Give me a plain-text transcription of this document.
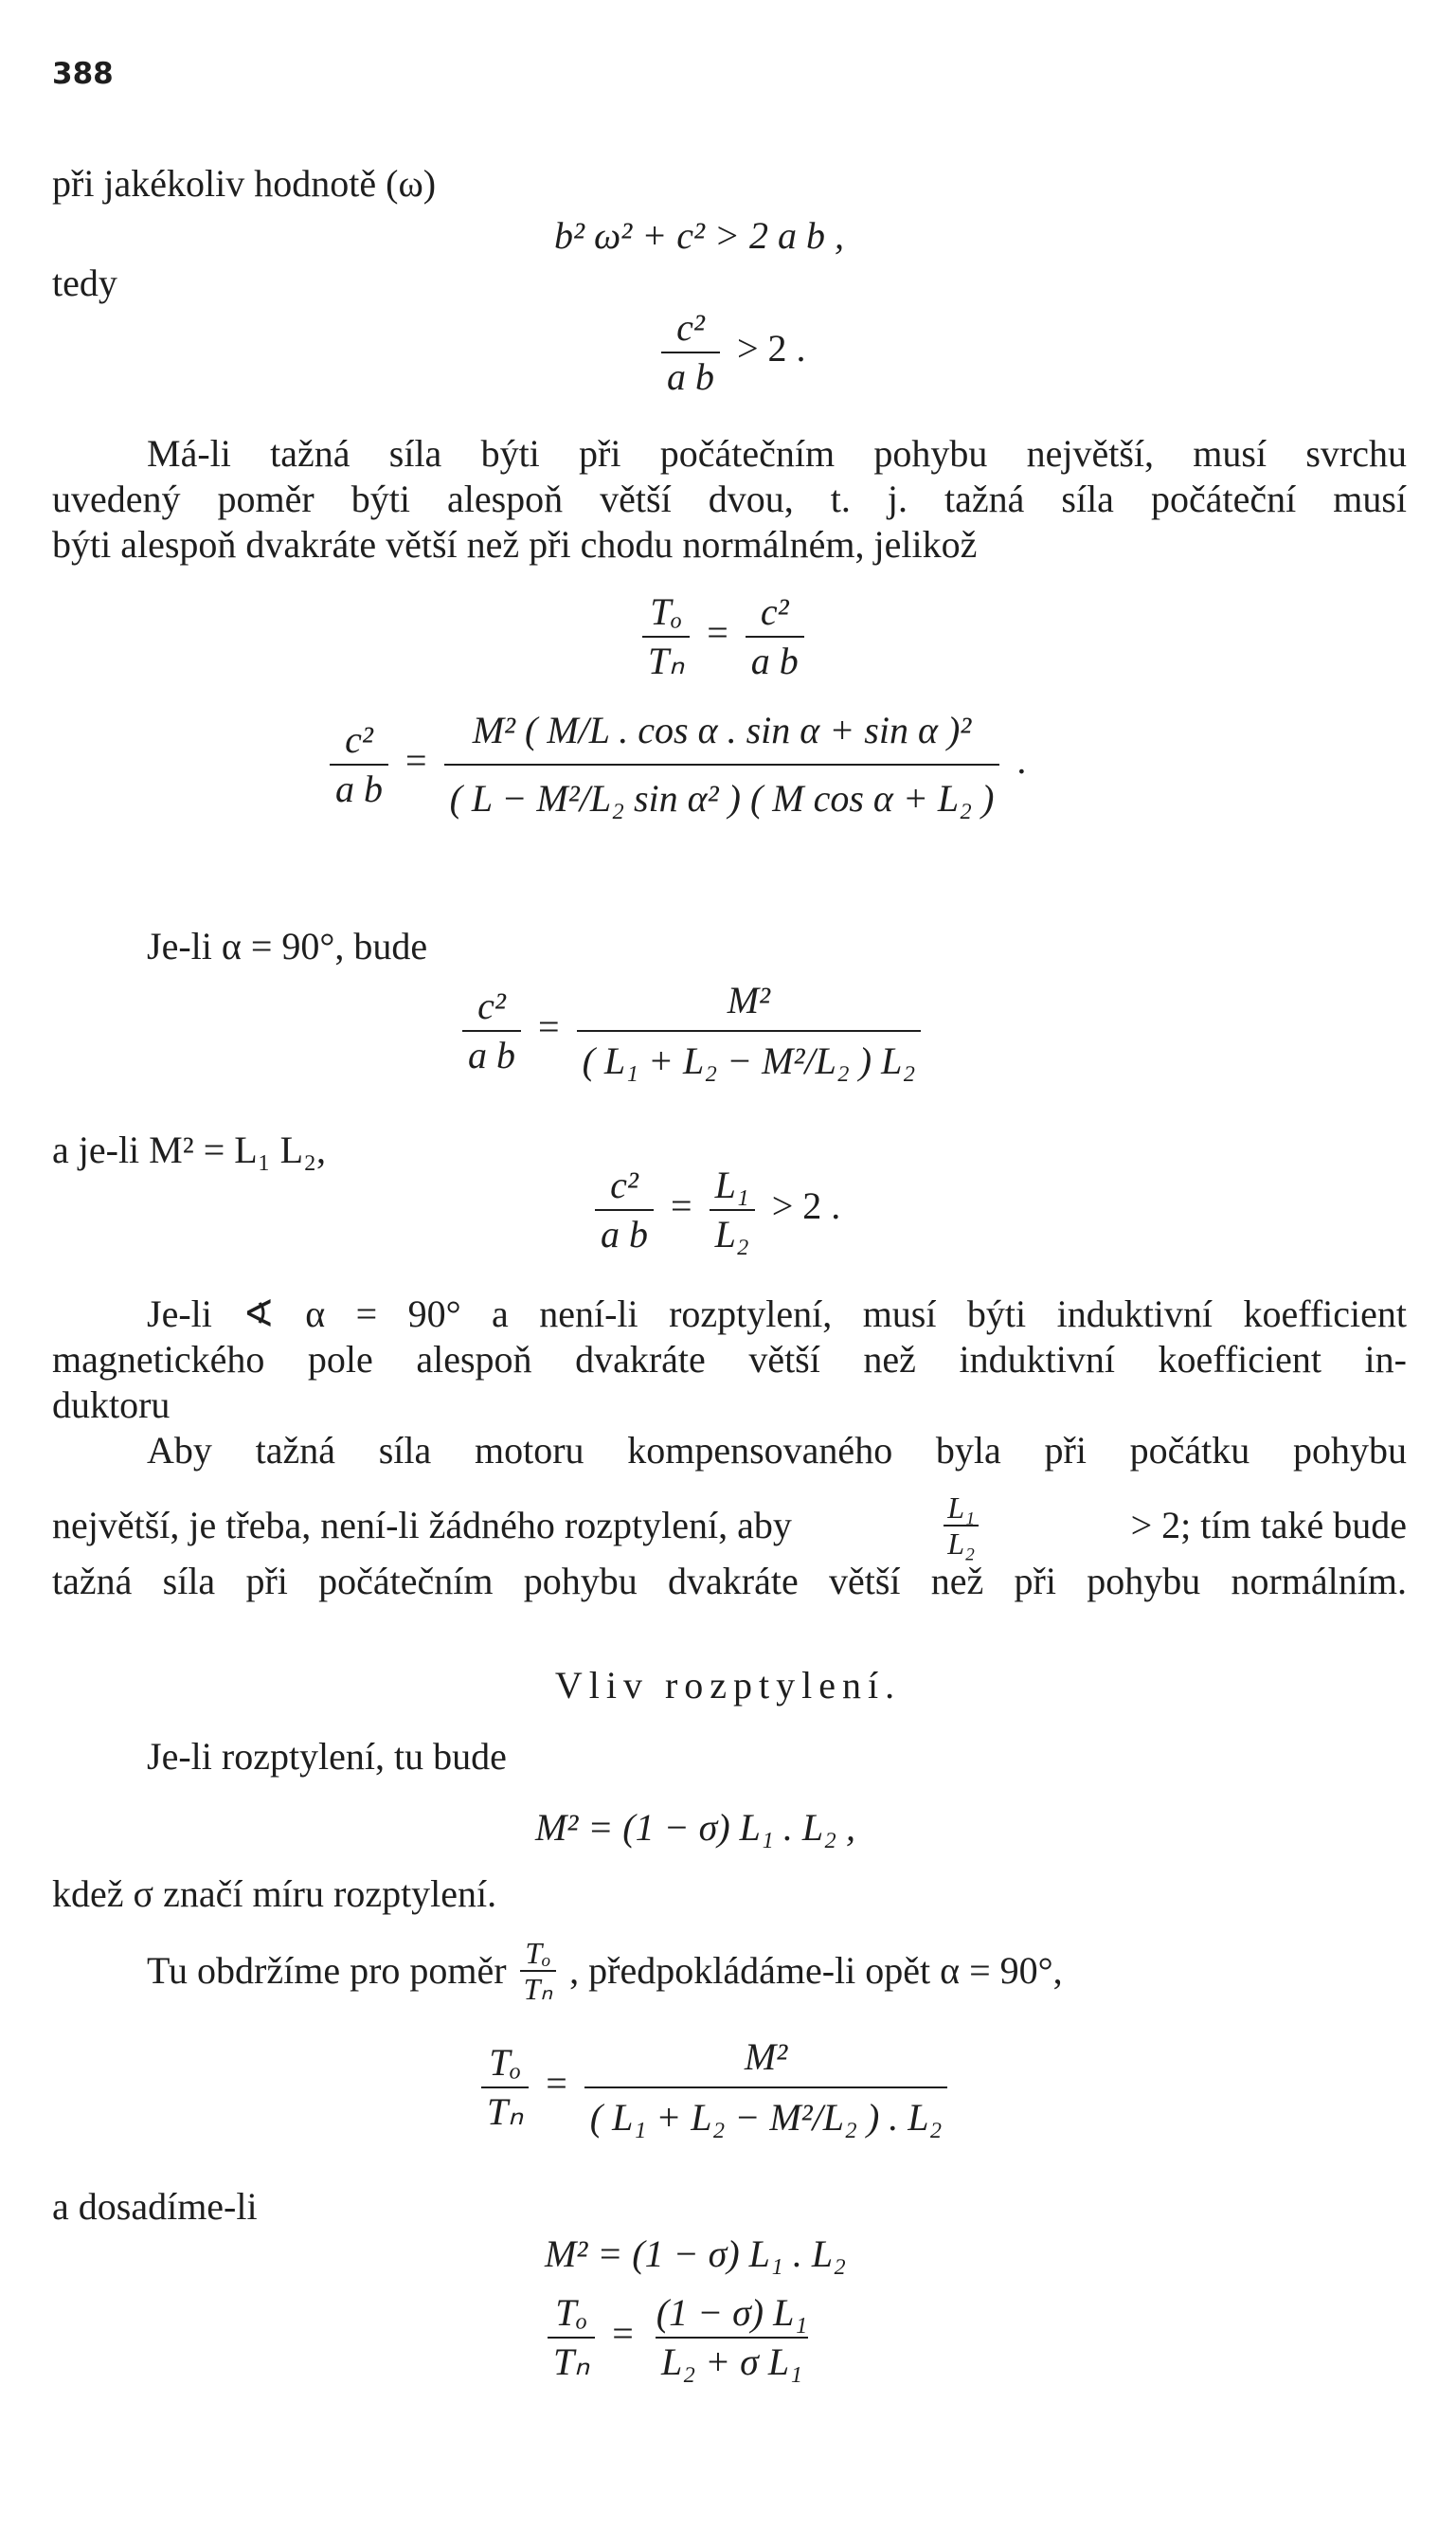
388
při jakékoliv hodnotě (ω)
b² ω² + c² > 2 a b ,
tedy
$\frac{\text{c²}}{\text{a b}} > 2$ .
Má-li tažná síla býti při počátečním pohybu největší, musí svrchu
uvedený poměr býti alespoň větší dvou, t. j. tažná síla počáteční musí
býti alespoň dvakráte větší než při chodu normálném, jelikož
$\frac{\text{Tₒ}}{\text{Tₙ}} = \frac{\text{c²}}{\text{a b}}$
$\frac{\text{c²}}{\text{a b}} = \frac{\text{M² ( M/L . cos α . sin α + sin α )²}}{\text{( L − M²/L₂ sin α² ) ( M cos α + L₂ )}}$ .
Je-li α = 90°, bude
$\frac{\text{c²}}{\text{a b}} = \frac{\text{M²}}{\text{( L₁ + L₂ − M²/L₂ ) L₂}}$
a je-li M² = L₁ L₂,
$\frac{\text{c²}}{\text{a b}} = \frac{\text{L₁}}{\text{L₂}} > 2$ .
Je-li ∢ α = 90° a není-li rozptylení, musí býti induktivní koefficient
magnetického pole alespoň dvakráte větší než induktivní koefficient in-
duktoru
Aby tažná síla motoru kompensovaného byla při počátku pohybu
největší, je třeba, není-li žádného rozptylení, aby	$\frac{\text{L₁}}{\text{L₂}}$	> 2; tím také bude
tažná síla při počátečním pohybu dvakráte větší než při pohybu normálním.
Vliv rozptylení.
Je-li rozptylení, tu bude
M² = (1 − σ) L₁ . L₂ ,
kdež σ značí míru rozptylení.
Tu obdržíme pro poměr $\frac{\text{Tₒ}}{\text{Tₙ}}$ , předpokládáme-li opět α = 90°,
$\frac{\text{Tₒ}}{\text{Tₙ}} = \frac{\text{M²}}{\text{( L₁ + L₂ − M²/L₂ ) . L₂}}$
a dosadíme-li
M² = (1 − σ) L₁ . L₂
$\frac{\text{Tₒ}}{\text{Tₙ}} = \frac{\text{(1 − σ) L₁}}{\text{L₂ + σ L₁}}$
